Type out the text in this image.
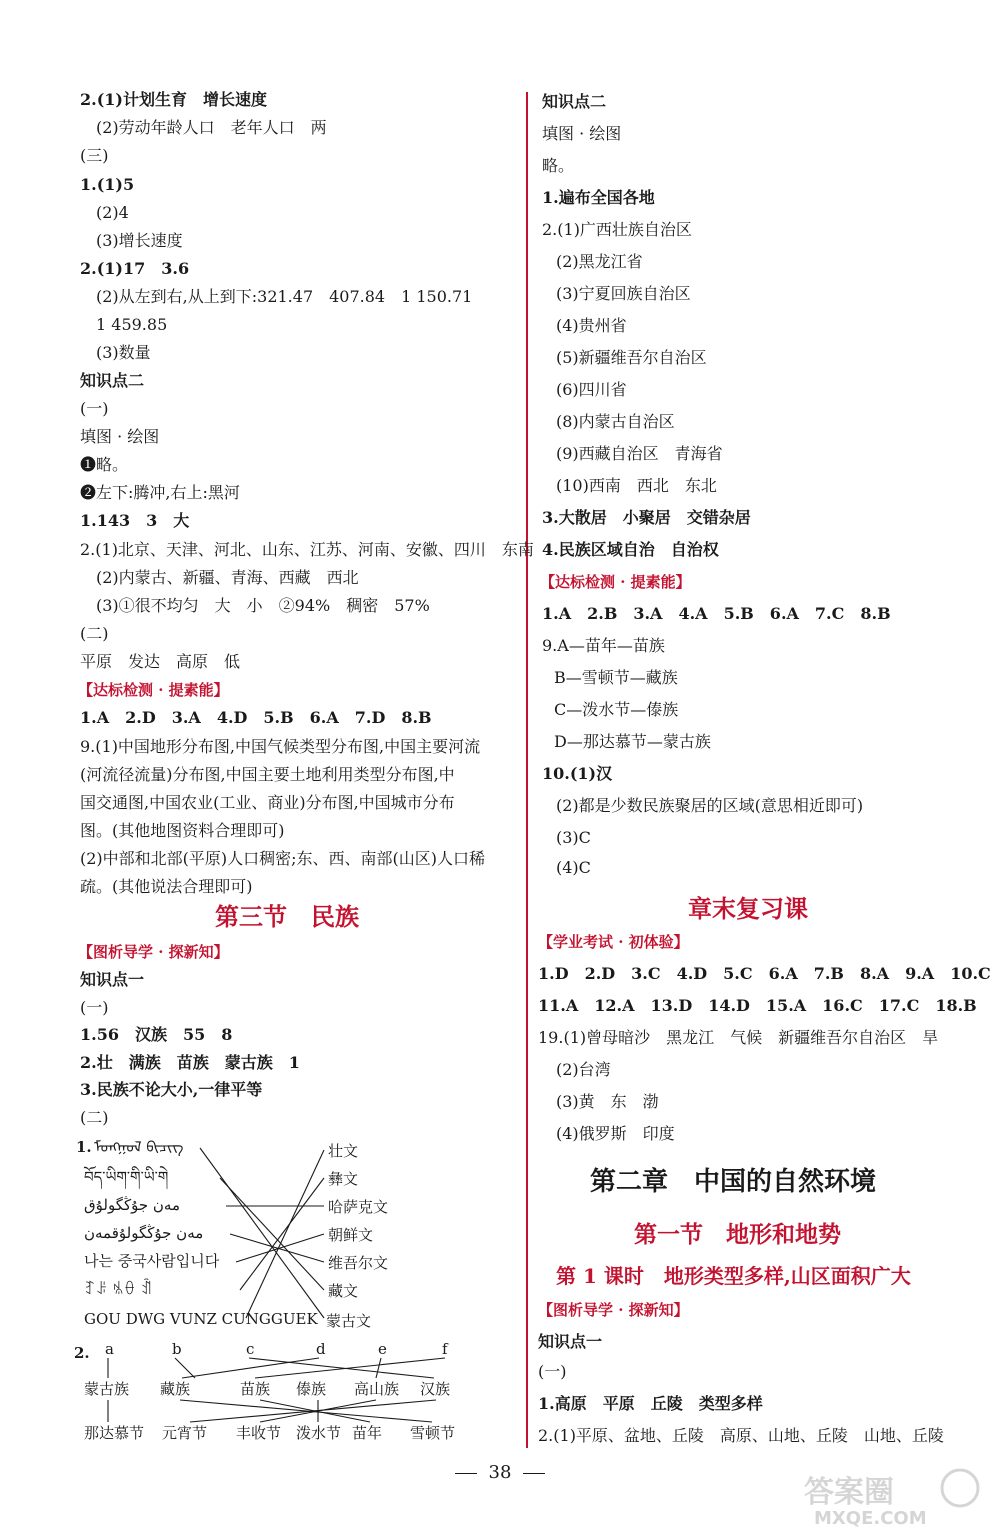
2.(1)计划生育　增长速度
(2)劳动年龄人口　老年人口　两
(三)
1.(1)5
(2)4
(3)增长速度
2.(1)17　3.6
(2)从左到右,从上到下:321.47　407.84　1 150.71
1 459.85
(3)数量
知识点二
(一)
填图 · 绘图
❶略。
❷左下:腾冲,右上:黑河
1.143　3　大
2.(1)北京、天津、河北、山东、江苏、河南、安徽、四川　东南
(2)内蒙古、新疆、青海、西藏　西北
(3)①很不均匀　大　小　②94%　稠密　57%
(二)
平原　发达　高原　低
【达标检测 · 提素能】
1.A　2.D　3.A　4.D　5.B　6.A　7.D　8.B
9.(1)中国地形分布图,中国气候类型分布图,中国主要河流
(河流径流量)分布图,中国主要土地利用类型分布图,中
国交通图,中国农业(工业、商业)分布图,中国城市分布
图。(其他地图资料合理即可)
(2)中部和北部(平原)人口稠密;东、西、南部(山区)人口稀
疏。(其他说法合理即可)
第三节　民族
【图析导学 · 探新知】
知识点一
(一)
1.56　汉族　55　8
2.壮　满族　苗族　蒙古族　1
3.民族不论大小,一律平等
(二)
1. ᠮᠣᠩᠭᠣᠯ ᠪᠢᠴᠢᠭ
བོད་ཡིག་གི་ཡི་གེ
مەن جۇڭگولۇق
مەن جۇڭگولۇقمەن
나는 중국사람입니다
ꆈꌠ ꁱꂷ ꀉ
GOU DWG VUNZ CUNGGUEK
壮文
彝文
哈萨克文
朝鲜文
维吾尔文
藏文
蒙古文
2. a	b	c	d	e	f
蒙古族 藏族	苗族 傣族 高山族 汉族
那达慕节 元宵节 丰收节 泼水节 苗年 雪顿节
知识点二
填图 · 绘图
略。
1.遍布全国各地
2.(1)广西壮族自治区
(2)黑龙江省
(3)宁夏回族自治区
(4)贵州省
(5)新疆维吾尔自治区
(6)四川省
(8)内蒙古自治区
(9)西藏自治区　青海省
(10)西南　西北　东北
3.大散居　小聚居　交错杂居
4.民族区域自治　自治权
【达标检测 · 提素能】
1.A　2.B　3.A　4.A　5.B　6.A　7.C　8.B
9.A—苗年—苗族
B—雪顿节—藏族
C—泼水节—傣族
D—那达慕节—蒙古族
10.(1)汉
(2)都是少数民族聚居的区域(意思相近即可)
(3)C
(4)C
章末复习课
【学业考试 · 初体验】
1.D　2.D　3.C　4.D　5.C　6.A　7.B　8.A　9.A　10.C
11.A　12.A　13.D　14.D　15.A　16.C　17.C　18.B
19.(1)曾母暗沙　黑龙江　气候　新疆维吾尔自治区　旱
(2)台湾
(3)黄　东　渤
(4)俄罗斯　印度
第二章　中国的自然环境
第一节　地形和地势
第 1 课时　地形类型多样,山区面积广大
【图析导学 · 探新知】
知识点一
(一)
1.高原　平原　丘陵　类型多样
2.(1)平原、盆地、丘陵　高原、山地、丘陵　山地、丘陵
38
答案圈
MXQE.COM
